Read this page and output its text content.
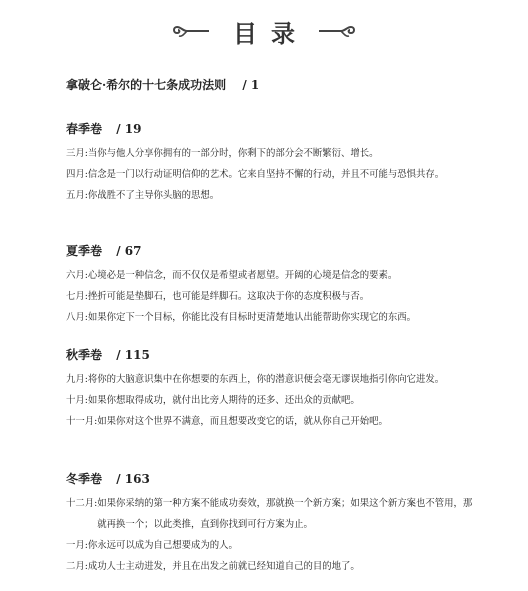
目录
拿破仑·希尔的十七条成功法则 / 1
春季卷 / 19
三月: 当你与他人分享你拥有的一部分时，你剩下的部分会不断繁衍、增长。
四月: 信念是一门以行动证明信仰的艺术。它来自坚持不懈的行动，并且不可能与恐惧共存。
五月: 你战胜不了主导你头脑的思想。
夏季卷 / 67
六月: 心境必是一种信念，而不仅仅是希望或者愿望。开阔的心境是信念的要素。
七月: 挫折可能是垫脚石，也可能是绊脚石。这取决于你的态度积极与否。
八月: 如果你定下一个目标，你能比没有目标时更清楚地认出能帮助你实现它的东西。
秋季卷 / 115
九月: 将你的大脑意识集中在你想要的东西上，你的潜意识便会毫无谬误地指引你向它进发。
十月: 如果你想取得成功，就付出比旁人期待的还多、还出众的贡献吧。
十一月: 如果你对这个世界不满意，而且想要改变它的话，就从你自己开始吧。
冬季卷 / 163
十二月: 如果你采纳的第一种方案不能成功奏效，那就换一个新方案；如果这个新方案也不管用，那就再换一个；以此类推，直到你找到可行方案为止。
一月: 你永远可以成为自己想要成为的人。
二月: 成功人士主动进发，并且在出发之前就已经知道自己的目的地了。
